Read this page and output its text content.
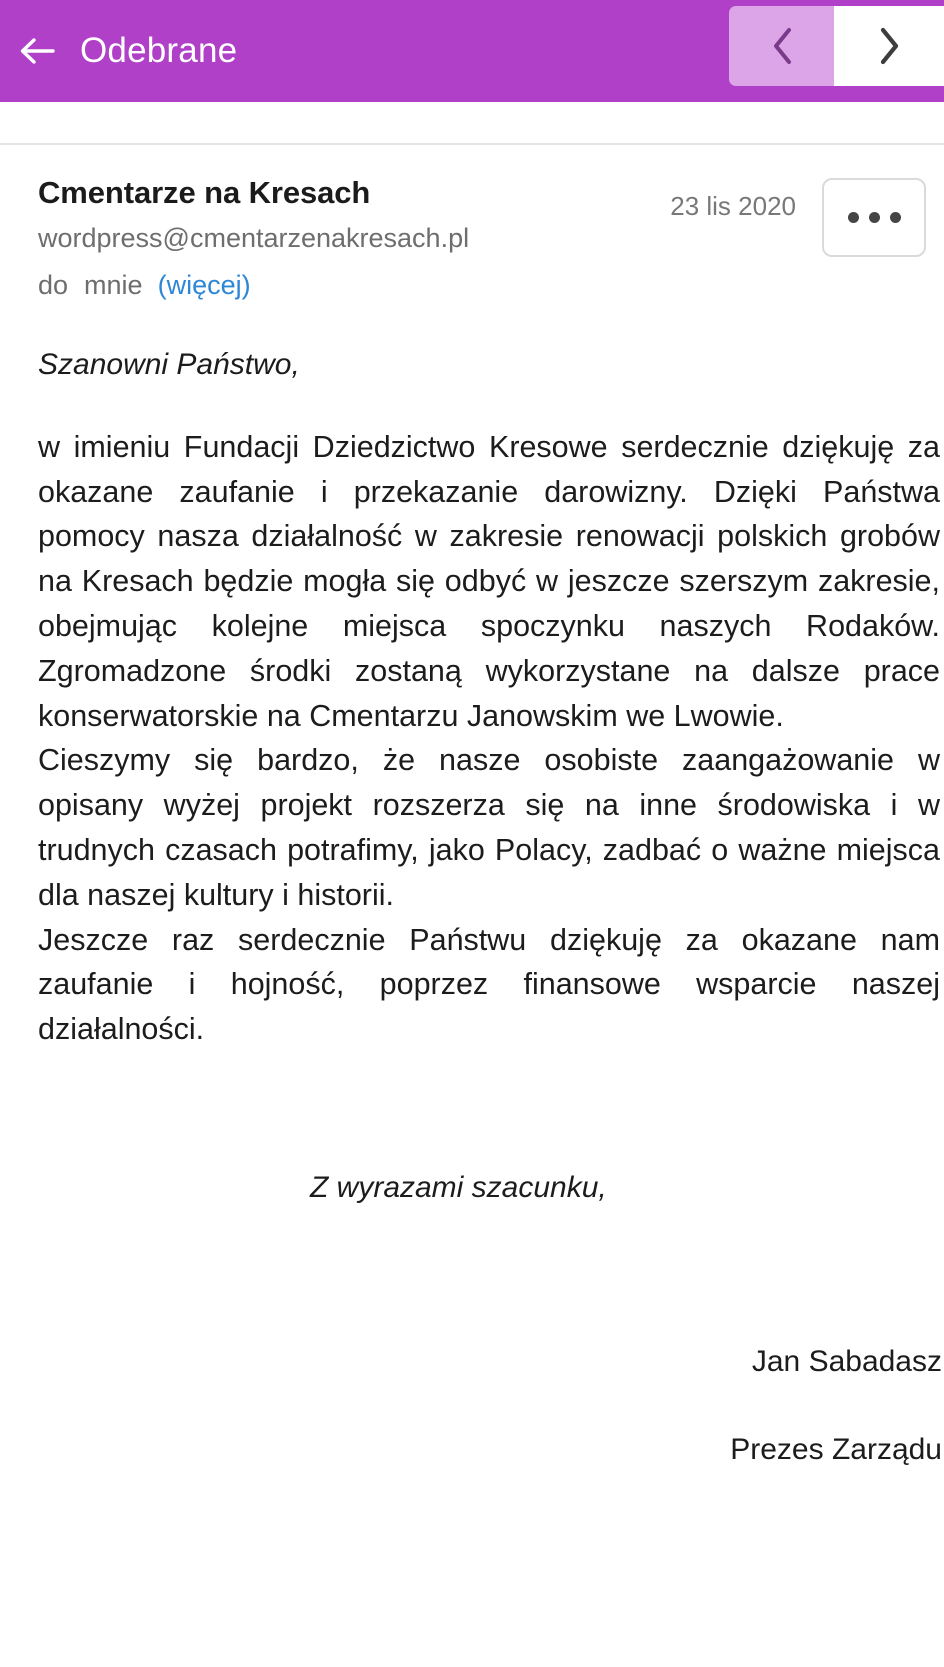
Odebrane
Cmentarze na Kresach
wordpress@cmentarzenakresach.pl
do mnie (więcej)
23 lis 2020
Szanowni Państwo,

w imieniu Fundacji Dziedzictwo Kresowe serdecznie dziękuję za okazane zaufanie i przekazanie darowizny. Dzięki Państwa pomocy nasza działalność w zakresie renowacji polskich grobów na Kresach będzie mogła się odbyć w jeszcze szerszym zakresie, obejmując kolejne miejsca spoczynku naszych Rodaków. Zgromadzone środki zostaną wykorzystane na dalsze prace konserwatorskie na Cmentarzu Janowskim we Lwowie.

Cieszymy się bardzo, że nasze osobiste zaangażowanie w opisany wyżej projekt rozszerza się na inne środowiska i w trudnych czasach potrafimy, jako Polacy, zadbać o ważne miejsca dla naszej kultury i historii.

Jeszcze raz serdecznie Państwu dziękuję za okazane nam zaufanie i hojność, poprzez finansowe wsparcie naszej działalności.

Z wyrazami szacunku,
Jan Sabadasz
Prezes Zarządu
